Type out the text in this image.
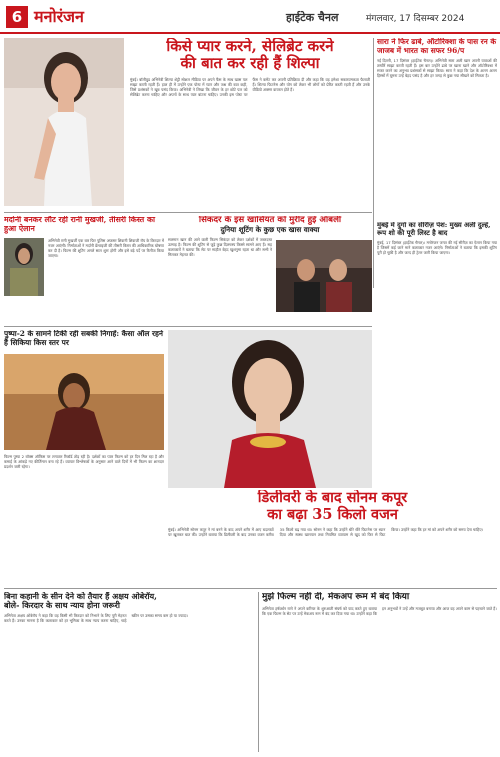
6 मनोरंजन	हाईटेक चैनल	मंगलवार, 17 दिसम्बर 2024
किसे प्यार करने, सेलिब्रेट करने
की बात कर रही हैं शिल्पा
मुंबई। बॉलीवुड अभिनेत्री शिल्पा शेट्टी सोशल मीडिया पर अपने फैंस के साथ खास पल साझा करती रहती हैं। हाल ही में उन्होंने एक पोस्ट में प्यार और जश्न की बात कही, जिसे प्रशंसकों ने खूब पसंद किया। अभिनेत्री ने लिखा कि जीवन के हर छोटे पल को सेलिब्रेट करना चाहिए और अपनों के साथ प्यार बांटना चाहिए। उनकी इस पोस्ट पर फैंस ने कमेंट कर अपनी प्रतिक्रिया दी और कहा कि वह हमेशा सकारात्मकता फैलाती हैं। शिल्पा फिटनेस और योग को लेकर भी लोगों को प्रेरित करती रहती हैं और उनके वीडियो अक्सर वायरल होते हैं।
सारा ने फिर ढाबे, ऑटोरिक्शा के पास रन के जाजब में भारत का सफर 96/प
नई दिल्ली, 17 दिसंबर (हाईटेक चैनल)। अभिनेत्री सारा अली खान अपनी यात्राओं की तस्वीरें साझा करती रहती हैं। इस बार उन्होंने ढाबे पर खाना खाने और ऑटोरिक्शा में सफर करने का अनुभव प्रशंसकों से साझा किया। सारा ने कहा कि देश के अलग अलग हिस्सों में घूमना उन्हें बेहद पसंद है और हर जगह से कुछ नया सीखने को मिलता है।
मुंबई में दुर्गा का सीरीज़ पेश: मुख्य अली दुल्हें, रूप शो की पूरी लिस्ट है बाद
मुंबई, 17 दिसंबर (हाईटेक चैनल)। मनोरंजन जगत की नई सीरीज़ का ऐलान किया गया है जिसमें कई जाने माने कलाकार नजर आएंगे। निर्माताओं ने बताया कि इसकी शूटिंग पूरी हो चुकी है और जल्द ही ट्रेलर जारी किया जाएगा।
मर्दानी बनकर लौट रही रानी मुखर्जी, तीसरी किस्त का हुआ ऐलान
अभिनेत्री रानी मुखर्जी एक बार फिर पुलिस अफसर शिवानी शिवाजी रॉय के किरदार में नजर आएंगी। निर्माताओं ने मर्दानी फ्रेंचाइजी की तीसरी किस्त की आधिकारिक घोषणा कर दी है। फिल्म की शूटिंग अगले साल शुरू होगी और इसे बड़े पर्दे पर रिलीज किया जाएगा।
सिकंदर के इस खासियत को मुरीद हुई ऑबली
दुनिया शूटिंग के कुछ एक खास वाक्या
सलमान खान की आने वाली फिल्म सिकंदर को लेकर दर्शकों में जबरदस्त उत्साह है। फिल्म की शूटिंग से जुड़े कुछ दिलचस्प किस्से सामने आए हैं। सह कलाकारों ने बताया कि सेट पर माहौल बेहद खुशनुमा रहता था और सभी ने मिलकर मेहनत की।
पुष्पा-2 के सामने टिकी रही सबकी निगाहें: कैसा ऑल रहने हैं सिकिया किस स्तर पर
फिल्म पुष्पा 2 बॉक्स ऑफिस पर लगातार रिकॉर्ड तोड़ रही है। दर्शकों का प्यार फिल्म को हर दिन मिल रहा है और कमाई के आंकड़े नए कीर्तिमान बना रहे हैं। व्यापार विश्लेषकों के अनुसार आने वाले दिनों में भी फिल्म का शानदार प्रदर्शन जारी रहेगा।
डिलीवरी के बाद सोनम कपूर
का बढ़ा 35 किलो वजन
मुंबई। अभिनेत्री सोनम कपूर ने मां बनने के बाद अपने शरीर में आए बदलावों पर खुलकर बात की। उन्होंने बताया कि डिलीवरी के बाद उनका वजन करीब 35 किलो बढ़ गया था। सोनम ने कहा कि उन्होंने धीरे धीरे फिटनेस पर ध्यान दिया और स्वस्थ खानपान तथा नियमित व्यायाम से खुद को फिर से फिट किया। उन्होंने कहा कि हर मां को अपने शरीर को समय देना चाहिए।
बिना कहानी के सीन देने को तैयार हैं अक्षय ओबेरॉय,
बोले- किरदार के साथ न्याय होना जरूरी
अभिनेता अक्षय ओबेरॉय ने कहा कि वह किसी भी किरदार को निभाने के लिए पूरी मेहनत करते हैं। उनका मानना है कि कलाकार को हर भूमिका के साथ न्याय करना चाहिए, चाहे स्क्रीन पर उसका समय कम हो या ज्यादा।
मुझे फिल्म नहीं दी, मेकअप रूम में बंद किया
अभिनेता हर्षवर्धन राणे ने अपने करियर के शुरुआती संघर्ष को याद करते हुए बताया कि एक फिल्म के सेट पर उन्हें मेकअप रूम में बंद कर दिया गया था। उन्होंने कहा कि इन अनुभवों ने उन्हें और मजबूत बनाया और आज वह अपने काम से पहचाने जाते हैं।
